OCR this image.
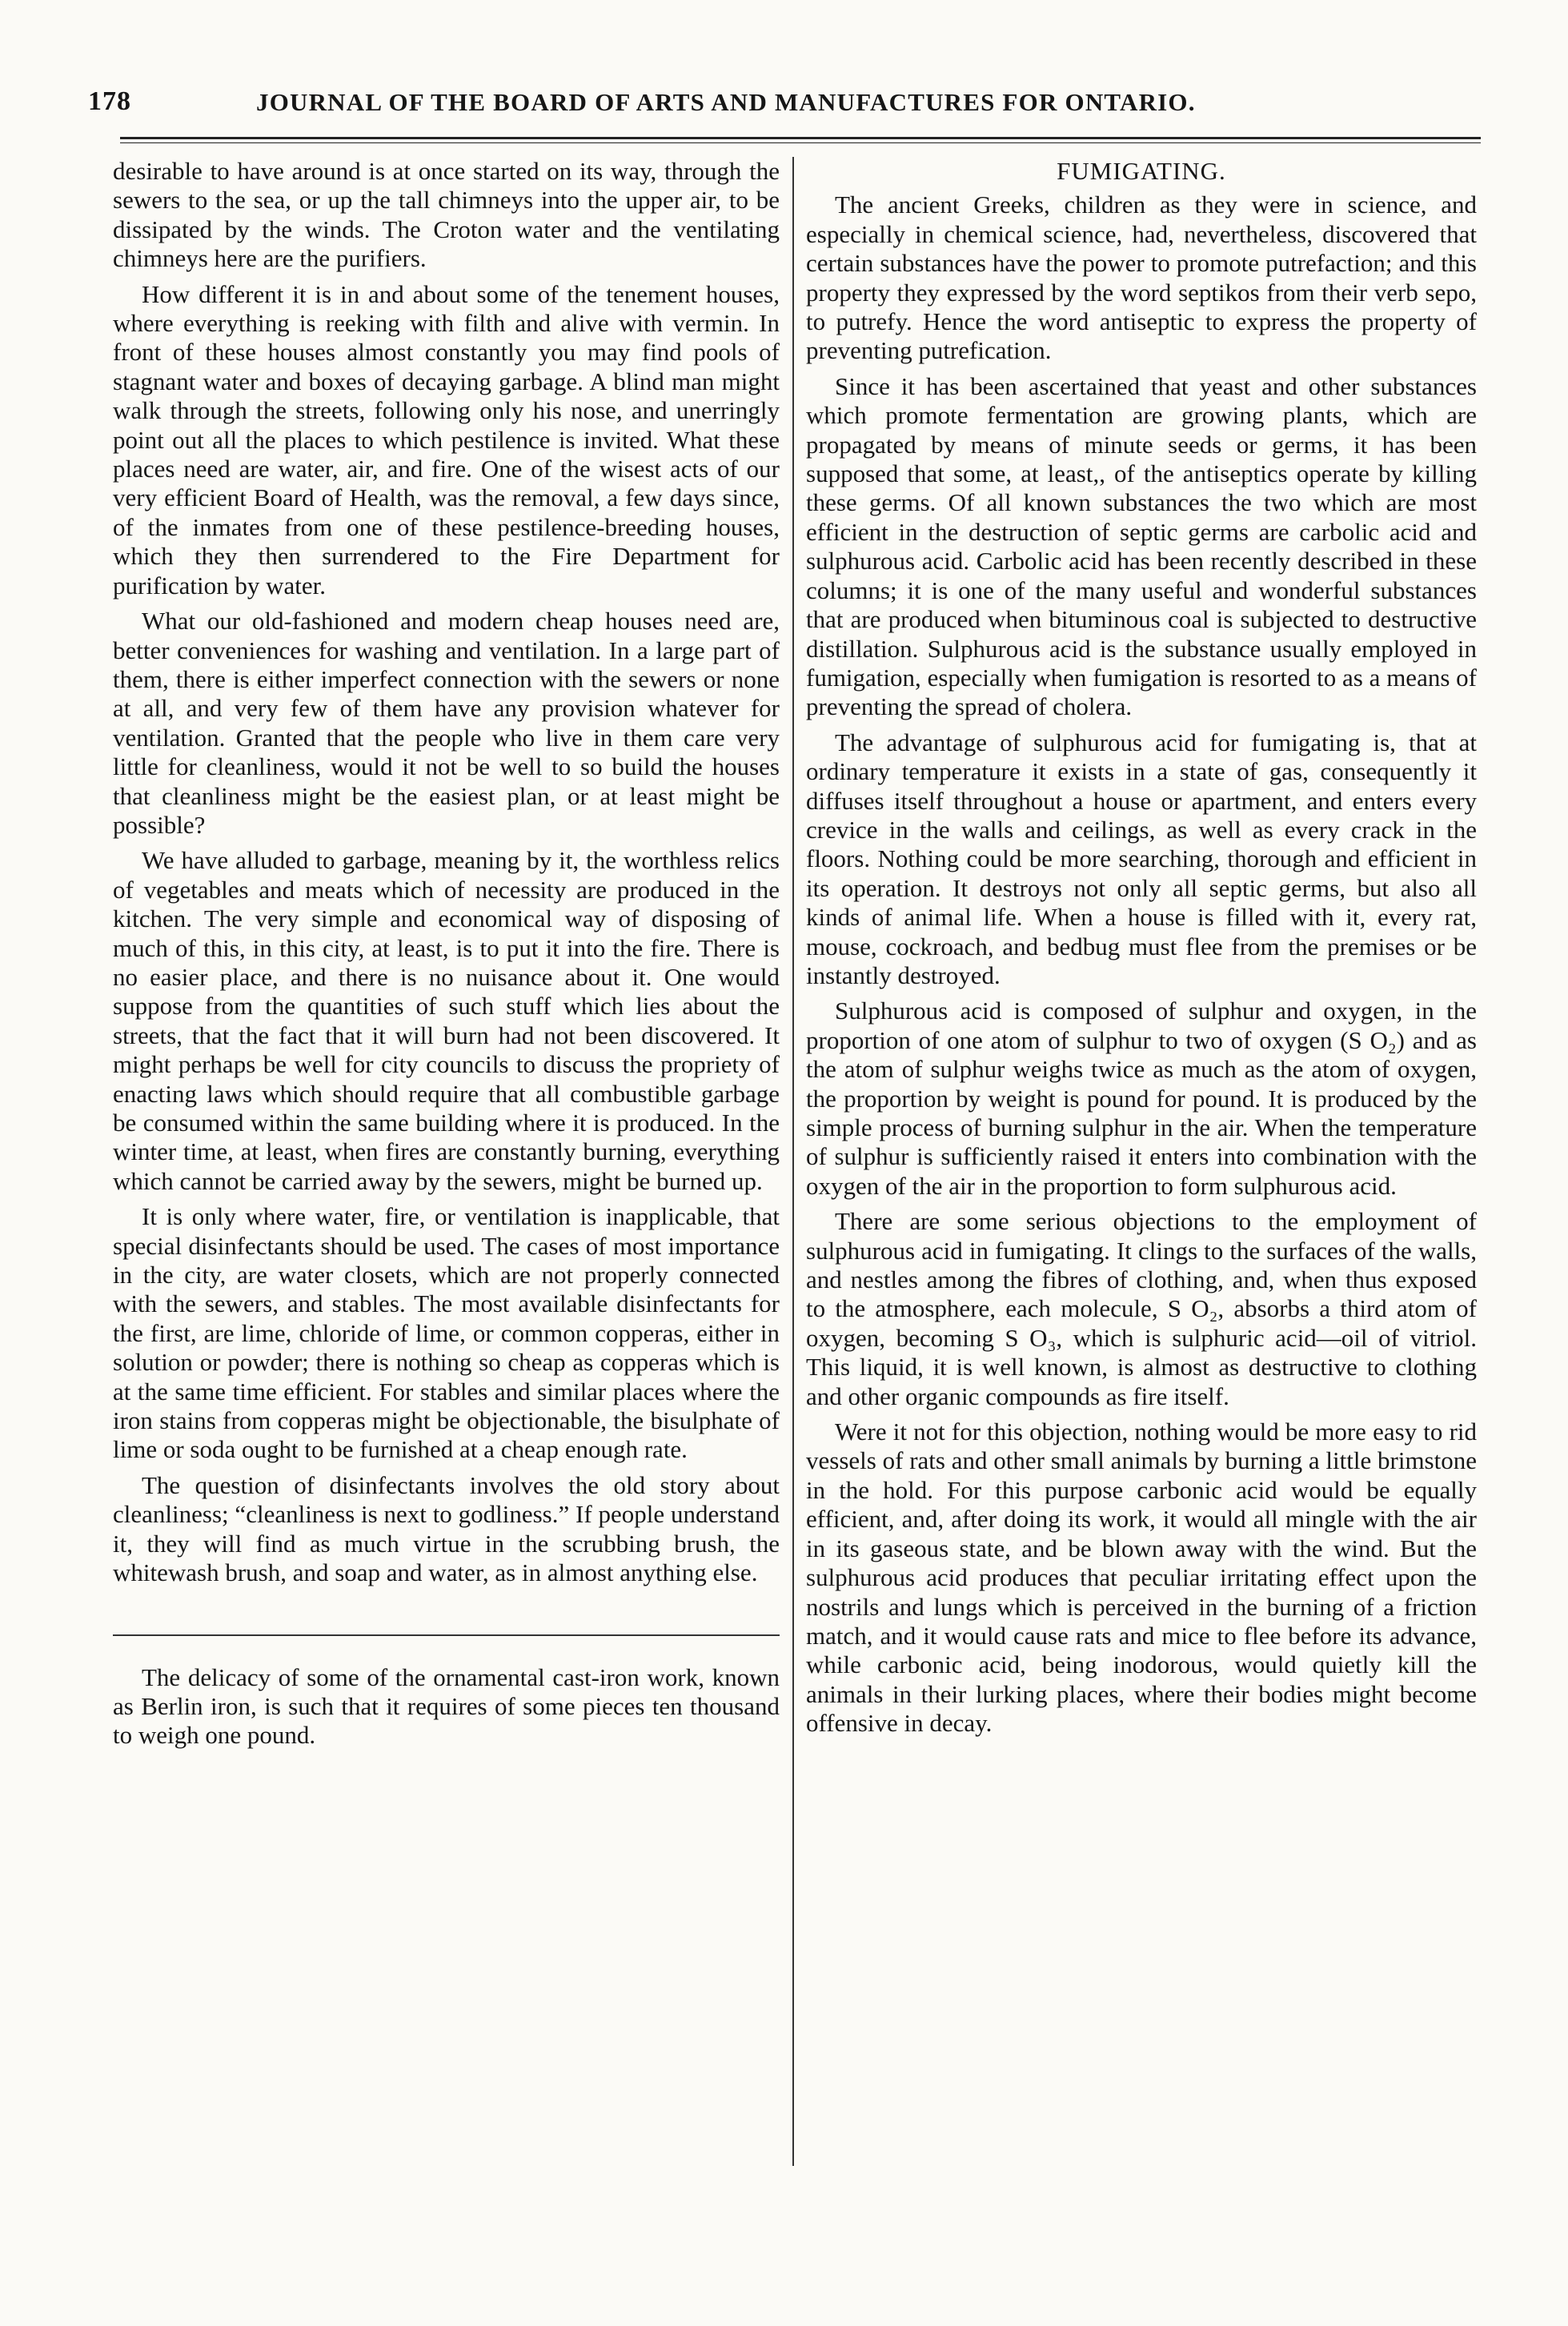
178	JOURNAL OF THE BOARD OF ARTS AND MANUFACTURES FOR ONTARIO.

desirable to have around is at once started on its way, through the sewers to the sea, or up the tall chimneys into the upper air, to be dissipated by the winds. The Croton water and the ventilating chimneys here are the purifiers.

How different it is in and about some of the tenement houses, where everything is reeking with filth and alive with vermin. In front of these houses almost constantly you may find pools of stagnant water and boxes of decaying garbage. A blind man might walk through the streets, following only his nose, and unerringly point out all the places to which pestilence is invited. What these places need are water, air, and fire. One of the wisest acts of our very efficient Board of Health, was the removal, a few days since, of the inmates from one of these pestilence-breeding houses, which they then surrendered to the Fire Department for purification by water.

What our old-fashioned and modern cheap houses need are, better conveniences for washing and ventilation. In a large part of them, there is either imperfect connection with the sewers or none at all, and very few of them have any provision whatever for ventilation. Granted that the people who live in them care very little for cleanliness, would it not be well to so build the houses that cleanliness might be the easiest plan, or at least might be possible?

We have alluded to garbage, meaning by it, the worthless relics of vegetables and meats which of necessity are produced in the kitchen. The very simple and economical way of disposing of much of this, in this city, at least, is to put it into the fire. There is no easier place, and there is no nuisance about it. One would suppose from the quantities of such stuff which lies about the streets, that the fact that it will burn had not been discovered. It might perhaps be well for city councils to discuss the propriety of enacting laws which should require that all combustible garbage be consumed within the same building where it is produced. In the winter time, at least, when fires are constantly burning, everything which cannot be carried away by the sewers, might be burned up.

It is only where water, fire, or ventilation is inapplicable, that special disinfectants should be used. The cases of most importance in the city, are water closets, which are not properly connected with the sewers, and stables. The most available disinfectants for the first, are lime, chloride of lime, or common copperas, either in solution or powder; there is nothing so cheap as copperas which is at the same time efficient. For stables and similar places where the iron stains from copperas might be objectionable, the bisulphate of lime or soda ought to be furnished at a cheap enough rate.

The question of disinfectants involves the old story about cleanliness; “cleanliness is next to godliness.” If people understand it, they will find as much virtue in the scrubbing brush, the whitewash brush, and soap and water, as in almost anything else.

The delicacy of some of the ornamental cast-iron work, known as Berlin iron, is such that it requires of some pieces ten thousand to weigh one pound.

FUMIGATING.

The ancient Greeks, children as they were in science, and especially in chemical science, had, nevertheless, discovered that certain substances have the power to promote putrefaction; and this property they expressed by the word septikos from their verb sepo, to putrefy. Hence the word antiseptic to express the property of preventing putrefication.

Since it has been ascertained that yeast and other substances which promote fermentation are growing plants, which are propagated by means of minute seeds or germs, it has been supposed that some, at least,, of the antiseptics operate by killing these germs. Of all known substances the two which are most efficient in the destruction of septic germs are carbolic acid and sulphurous acid. Carbolic acid has been recently described in these columns; it is one of the many useful and wonderful substances that are produced when bituminous coal is subjected to destructive distillation. Sulphurous acid is the substance usually employed in fumigation, especially when fumigation is resorted to as a means of preventing the spread of cholera.

The advantage of sulphurous acid for fumigating is, that at ordinary temperature it exists in a state of gas, consequently it diffuses itself throughout a house or apartment, and enters every crevice in the walls and ceilings, as well as every crack in the floors. Nothing could be more searching, thorough and efficient in its operation. It destroys not only all septic germs, but also all kinds of animal life. When a house is filled with it, every rat, mouse, cockroach, and bedbug must flee from the premises or be instantly destroyed.

Sulphurous acid is composed of sulphur and oxygen, in the proportion of one atom of sulphur to two of oxygen (S O₂) and as the atom of sulphur weighs twice as much as the atom of oxygen, the proportion by weight is pound for pound. It is produced by the simple process of burning sulphur in the air. When the temperature of sulphur is sufficiently raised it enters into combination with the oxygen of the air in the proportion to form sulphurous acid.

There are some serious objections to the employment of sulphurous acid in fumigating. It clings to the surfaces of the walls, and nestles among the fibres of clothing, and, when thus exposed to the atmosphere, each molecule, S O₂, absorbs a third atom of oxygen, becoming S O₃, which is sulphuric acid—oil of vitriol. This liquid, it is well known, is almost as destructive to clothing and other organic compounds as fire itself.

Were it not for this objection, nothing would be more easy to rid vessels of rats and other small animals by burning a little brimstone in the hold. For this purpose carbonic acid would be equally efficient, and, after doing its work, it would all mingle with the air in its gaseous state, and be blown away with the wind. But the sulphurous acid produces that peculiar irritating effect upon the nostrils and lungs which is perceived in the burning of a friction match, and it would cause rats and mice to flee before its advance, while carbonic acid, being inodorous, would quietly kill the animals in their lurking places, where their bodies might become offensive in decay.
